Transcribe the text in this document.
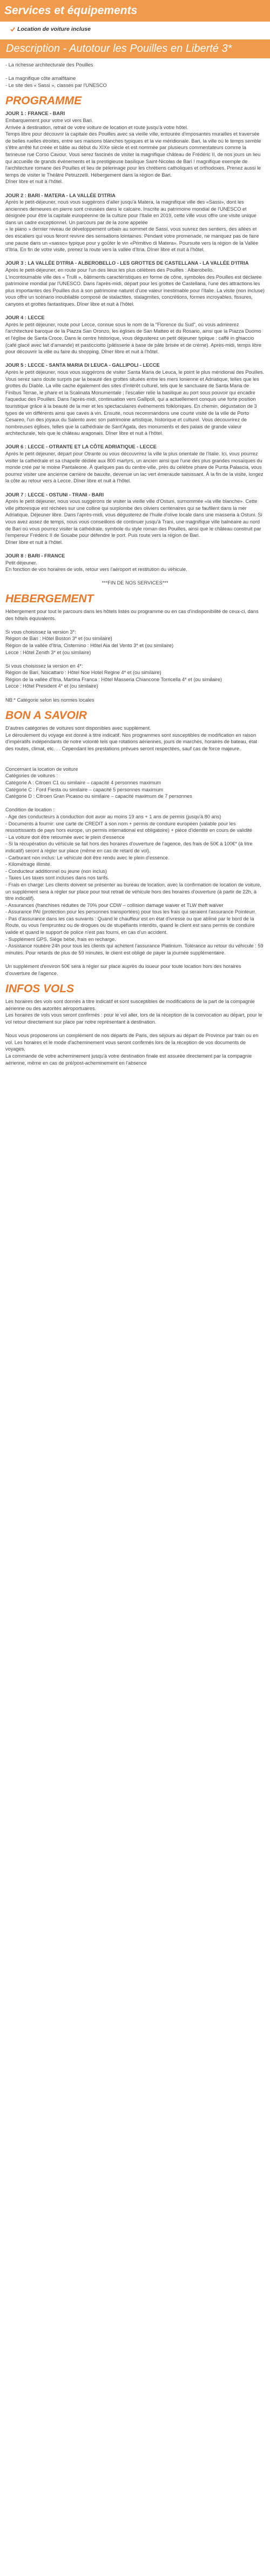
Services et équipements
Location de voiture incluse
Description - Autotour les Pouilles en Liberté 3*

- La richesse architecturale des Pouilles

- La magnifique côte amalfitaine

- Le site des « Sassi », classés par l'UNESCO

PROGRAMME

JOUR 1 : FRANCE - BARI

Embarquement pour votre vol vers Bari.

Arrivée à destination, retrait de votre voiture de location et route jusqu'à votre hôtel.

Temps libre pour découvrir la capitale des Pouilles avec sa vieille ville, entourée d'imposantes murailles et traversée de belles ruelles étroites, entre ses maisons blanches typiques et la vie méridionale. Bari, la ville où le temps semble s'être arrêté fut créée et bâtie au début du XIXe siècle et est nommée par plusieurs commentateurs comme la farineuse rue Corso Cavour. Vous serez fascinés de visiter la magnifique château de Frédéric II, de nos jours un lieu qui accueille de grands événements et la prestigieuse basilique Saint-Nicolas de Bari ! magnifique exemple de l'architecture romane des Pouilles et lieu de pèlerinage pour les chrétiens catholiques et orthodoxes. Prenez aussi le temps de visiter le Théâtre Petruzzelli. Hébergement dans la région de Bari.

Dîner libre et nuit à l'hôtel.

JOUR 2 : BARI - MATERA - LA VALLÉE D'ITRIA

Après le petit-déjeuner, nous vous suggérons d'aller jusqu'à Matera, la magnifique ville des «Sassi», dont les anciennes demeures en pierre sont creusées dans le calcaire. Inscrite au patrimoine mondial de l'UNESCO et désignée pour être la capitale européenne de la culture pour l'Italie en 2019, cette ville vous offre une visite unique dans un cadre exceptionnel. Un parcours par de la zone appelée

« le piano » dernier niveau de développement urbain au sommet de Sassi, vous suivrez des sentiers, des allées et des escaliers qui vous feront revivre des sensations lointaines. Pendant votre promenade, ne manquez pas de faire une pause dans un «sasso» typique pour y goûter le vin «Primitivo di Matera». Poursuite vers la région de la Vallée d'Itria. En fin de votre visite, prenez la route vers la vallée d'Itria. Dîner libre et nuit à l'hôtel.

JOUR 3 : LA VALLÉE D'ITRIA - ALBEROBELLO - LES GROTTES DE CASTELLANA - LA VALLÉE D'ITRIA

Après le petit-déjeuner, en route pour l'un des lieux les plus célèbres des Pouilles : Alberobello.

L'incontournable ville des « Trulli », bâtiments caractéristiques en forme de cône, symboles des Pouilles est déclarée patrimoine mondial par l'UNESCO. Dans l'après-midi, départ pour les grottes de Castellana, l'une des attractions les plus importantes des Pouilles dus à son patrimoine naturel d'une valeur inestimable pour l'Italie. La visite (non incluse) vous offre un scénario inoubliable composé de stalactites, stalagmites, concrétions, formes incroyables, fissures, canyons et grottes fantastiques. Dîner libre et nuit à l'hôtel.

JOUR 4 : LECCE

Après le petit déjeuner, route pour Lecce, connue sous le nom de la "Florence du Sud", où vous admirerez l'architecture baroque de la Piazza San Oronzo, les églises de San Matteo et du Rosario, ainsi que la Piazza Duomo et l'église de Santa Croce. Dans le centre historique, vous dégusterez un petit déjeuner typique : caffè in ghiaccio (café glacé avec lait d'amande) et pasticciotto (pâtisserie à base de pâte brisée et de crème). Après-midi, temps libre pour découvrir la ville ou faire du shopping. Dîner libre et nuit à l'hôtel.

JOUR 5 : LECCE - SANTA MARIA DI LEUCA - GALLIPOLI - LECCE

Après le petit déjeuner, nous vous suggérons de visiter Santa Maria de Leuca, le point le plus méridional des Pouilles. Vous serez sans doute surpris par la beauté des grottes situées entre les mers Ionienne et Adriatique, telles que les grottes du Diable. La ville cache également des sites d'intérêt culturel, tels que le sanctuaire de Santa Maria de Finibus Terrae, le phare et la Scalinata Monumentale ; l'escalier relie la basilique au port sous pouvoir qui encadre l'aqueduc des Pouilles. Dans l'après-midi, continuation vers Gallipoli, qui a actuellement conquis une forte position touristique grâce à la beauté de la mer et les spectaculaires événements folkloriques. En chemin, dégustation de 3 types de vin différents ainsi que caves à vin. Ensuite, nous recommandons une courte visite de la ville de Porto Cesareo, l'un des joyaux du Salento avec son patrimoine artistique, historique et culturel. Vous découvrirez de nombreuses églises, telles que la cathédrale de Sant'Agata, des monuments et des palais de grande valeur architecturale, tels que le château aragonais. Dîner libre et nuit à l'hôtel.

JOUR 6 : LECCE - OTRANTE ET LA CÔTE ADRIATIQUE - LECCE

Après le petit déjeuner, départ pour Otrante ou vous découvrirez la ville la plus orientale de l'Italie. Ici, vous pourrez visiter la cathédrale et sa chapelle dédiée aux 800 martyrs, un ancien ainsi que l'une des plus grandes mosaïques du monde créé par le moine Pantaleone. À quelques pas du centre-ville, près du célèbre phare de Punta Palascia, vous pourrez visiter une ancienne carrière de bauxite, devenue un lac vert émeraude saisissant. À la fin de la visite, longez la côte au retour vers à Lecce. Dîner libre et nuit à l'hôtel.

JOUR 7 : LECCE - OSTUNI - TRANI - BARI

Après le petit déjeuner, nous vous suggérons de visiter la vieille ville d'Ostuni, surnommée «la ville blanche». Cette ville pittoresque est réchées sur une colline qui surplombe des oliviers centenaires qui se faufilent dans la mer Adriatique. Déjeuner libre. Dans l'après-midi, vous dégusterez de l'huile d'olive locale dans une masseria à Ostuni. Si vous avez assez de temps, nous vous conseillons de continuer jusqu'à Trani, une magnifique ville balnéaire au nord de Bari où vous pourrez visiter la cathédrale, symbole du style roman des Pouilles, ainsi que le château construit par l'empereur Frédéric II de Souabe pour défendre le port. Puis route vers la région de Bari.

Dîner libre et nuit à l'hôtel.

JOUR 8 : BARI - FRANCE

Petit déjeuner.

En fonction de vos horaires de vols, retour vers l'aéroport et restitution du véhicule.

***FIN DE NOS SERVICES***

HEBERGEMENT

Hébergement pour tout le parcours dans les hôtels listés ou programme ou en cas d'indisponibilité de ceux-ci, dans des hôtels équivalents.

Si vous choisissez la version 3*:

Région de Bari : Hôtel Boston 3* et (ou similaire)

Région de la vallée d'Itria, Cisternino : Hôtel Aia del Vento 3* et (ou similaire)

Lecce : Hôtel Zenith 3* et (ou similaire)

Si vous choisissez la version en 4*:

Région de Bari, Noicattaro : Hôtel Noe Hotel Regine 4* et (ou similaire)

Région de la vallée d'Itria, Martina Franca : Hôtel Masseria Chiancone Torricella 4* et (ou similaire)

Lecce : Hôtel President 4* et (ou similaire)

NB:* Catégorie selon les normes locales

BON A SAVOIR

D'autres catégories de voitures sont disponibles avec supplément.

Le déroulement du voyage est donné à titre indicatif. Nos programmes sont susceptibles de modification en raison d'impératifs indépendants de notre volonté tels que rotations aériennes, jours de marchés, horaires de bateau, état des routes, climat, etc. . . Cependant les prestations prévues seront respectées, sauf cas de force majeure.

Concernant la location de voiture

Catégories de voitures :

Catégorie A : Citroen C1 ou similaire – capacité 4 personnes maximum

Catégorie C : Ford Fiesta ou similaire – capacité 5 personnes maximum

Catégorie D : Citroen Gran Picasso ou similaire – capacité maximum de 7 personnes

Condition de location :

- Age des conducteurs à conduction doit avoir au moins 19 ans + 1 ans de permis (jusqu'à 80 ans)

- Documents à fournir: une carte de CREDIT à son nom + permis de conduire européen (valable pour les ressortissants de pays hors europe, un permis international est obligatoire) + pièce d'identité en cours de validité

- La voiture doit être retournée avec le plein d'essence

- Si la récupération du véhicule se fait hors des horaires d'ouverture de l'agence, des frais de 50€ à 100€* (à titre indicatif) seront à régler sur place (même en cas de retard de vol).

- Carburant non inclus: Le véhicule doit être rendu avec le plein d'essence.

- Kilométrage illimité.

- Conducteur additionnel ou jeune (non inclus)

- Taxes Les taxes sont incluses dans nos tarifs.

- Frais en charge: Les clients doivent se présenter au bureau de location, avec la confirmation de location de voiture, un supplément sera à régler sur place pour tout retrait de véhicule hors des horaires d'ouverture (à partir de 22h, à titre indicatif).

- Assurances (franchises réduites de 70% pour CDW – collision damage waiver et TLW theft waiver

- Assurance PAI (protection pour les personnes transportées) pour tous les frais qui seraient l'assurance Pointeurr.

- Pas d'assurance dans les cas suivants : Quand le chauffeur est en état d'ivresse ou que abîmé par le bord de la Route, ou vous l'empruntez ou de drogues ou de stupéfiants interdits, quand le client est sans permis de conduire valide et quand le support de police n'est pas fourni, en cas d'un accident.

- Supplément GPS, Siège bébé, frais en recharge.

- Assistance routière 24h pour tous les clients qui achètent l'assurance Platinium. Tolérance au retour du véhicule : 59 minutes. Pour retards de plus de 59 minutes, le client est obligé de payer la journée supplémentaire.

Un supplément d'environ 50€ sera à régler sur place auprès du loueur pour toute location hors des horaires d'ouverture de l'agence.

INFOS VOLS

Les horaires des vols sont donnés à titre indicatif et sont susceptibles de modifications de la part de la compagnie aérienne ou des autorités aéroportuaires.

Les horaires de vols vous seront confirmés : pour le vol aller, lors de la réception de la convocation au départ, pour le vol retour directement sur place par notre représentant à destination.

Nous vous proposerons un complément de nos départs de Paris, des séjours au départ de Province par train ou en vol. Les horaires et le mode d'acheminement vous seront confirmés lors de la réception de vos documents de voyages.

La commande de votre acheminement jusqu'à votre destination finale est assurée directement par la compagnie aérienne, même en cas de pré/post-acheminement en l'absence
